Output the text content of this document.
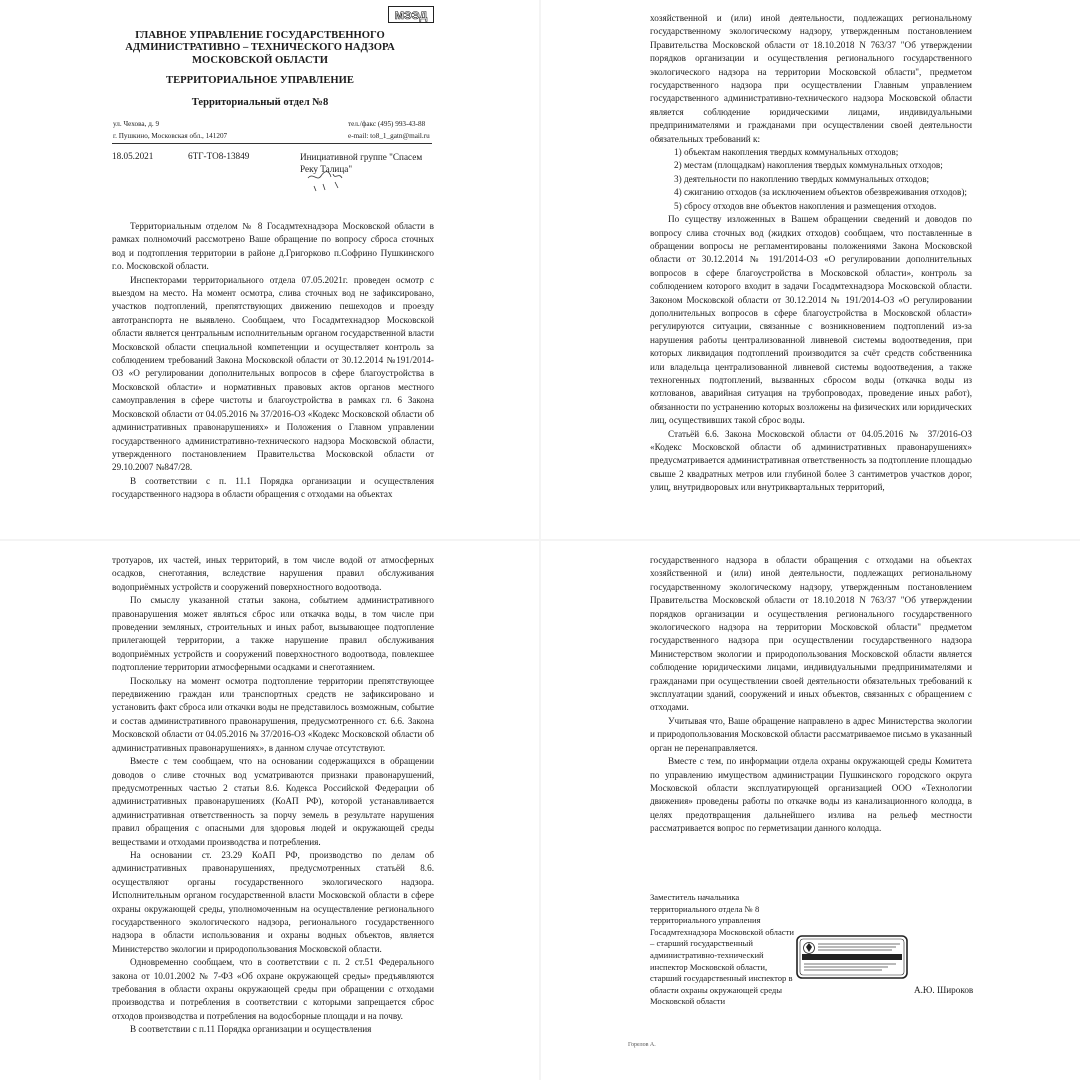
МЭЭД
ГЛАВНОЕ УПРАВЛЕНИЕ ГОСУДАРСТВЕННОГО
АДМИНИСТРАТИВНО – ТЕХНИЧЕСКОГО НАДЗОРА
МОСКОВСКОЙ ОБЛАСТИ
ТЕРРИТОРИАЛЬНОЕ УПРАВЛЕНИЕ
Территориальный отдел №8
ул. Чехова, д. 9
г. Пушкино, Московская обл., 141207
тел./факс (495) 993-43-88
e-mail: to8_1_gatn@mail.ru
18.05.2021	6ТГ-ТО8-13849	Инициативной группе "Спасем Реку Талица"

Территориальным отделом № 8 Госадмтехнадзора Московской области в рамках полномочий рассмотрено Ваше обращение по вопросу сброса сточных вод и подтопления территории в районе д.Григорково п.Софрино Пушкинского г.о. Московской области.

Инспекторами территориального отдела 07.05.2021г. проведен осмотр с выездом на место. На момент осмотра, слива сточных вод не зафиксировано, участков подтоплений, препятствующих движению пешеходов и проезду автотранспорта не выявлено. Сообщаем, что Госадмтехнадзор Московской области является центральным исполнительным органом государственной власти Московской области специальной компетенции и осуществляет контроль за соблюдением требований Закона Московской области от 30.12.2014 №191/2014-ОЗ «О регулировании дополнительных вопросов в сфере благоустройства в Московской области» и нормативных правовых актов органов местного самоуправления в сфере чистоты и благоустройства в рамках гл. 6 Закона Московской области от 04.05.2016 № 37/2016-ОЗ «Кодекс Московской области об административных правонарушениях» и Положения о Главном управлении государственного административно-технического надзора Московской области, утвержденного постановлением Правительства Московской области от 29.10.2007 №847/28.

В соответствии с п. 11.1 Порядка организации и осуществления государственного надзора в области обращения с отходами на объектах

хозяйственной и (или) иной деятельности, подлежащих региональному государственному экологическому надзору, утвержденным постановлением Правительства Московской области от 18.10.2018 N 763/37 "Об утверждении порядков организации и осуществления регионального государственного экологического надзора на территории Московской области", предметом государственного надзора при осуществлении Главным управлением государственного административно-технического надзора Московской области является соблюдение юридическими лицами, индивидуальными предпринимателями и гражданами при осуществлении своей деятельности обязательных требований к:

1) объектам накопления твердых коммунальных отходов;

2) местам (площадкам) накопления твердых коммунальных отходов;

3) деятельности по накоплению твердых коммунальных отходов;

4) сжиганию отходов (за исключением объектов обезвреживания отходов);

5) сбросу отходов вне объектов накопления и размещения отходов.

По существу изложенных в Вашем обращении сведений и доводов по вопросу слива сточных вод (жидких отходов) сообщаем, что поставленные в обращении вопросы не регламентированы положениями Закона Московской области от 30.12.2014 № 191/2014-ОЗ «О регулировании дополнительных вопросов в сфере благоустройства в Московской области», контроль за соблюдением которого входит в задачи Госадмтехнадзора Московской области. Законом Московской области от 30.12.2014 № 191/2014-ОЗ «О регулировании дополнительных вопросов в сфере благоустройства в Московской области» регулируются ситуации, связанные с возникновением подтоплений из-за нарушения работы централизованной ливневой системы водоотведения, при которых ликвидация подтоплений производится за счёт средств собственника или владельца централизованной ливневой системы водоотведения, а также техногенных подтоплений, вызванных сбросом воды (откачка воды из котлованов, аварийная ситуация на трубопроводах, проведение иных работ), обязанности по устранению которых возложены на физических или юридических лиц, осуществивших такой сброс воды.

Статьёй 6.6. Закона Московской области от 04.05.2016 № 37/2016-ОЗ «Кодекс Московской области об административных правонарушениях» предусматривается административная ответственность за подтопление площадью свыше 2 квадратных метров или глубиной более 3 сантиметров участков дорог, улиц, внутридворовых или внутриквартальных территорий,

тротуаров, их частей, иных территорий, в том числе водой от атмосферных осадков, снеготаяния, вследствие нарушения правил обслуживания водоприёмных устройств и сооружений поверхностного водоотвода.

По смыслу указанной статьи закона, событием административного правонарушения может являться сброс или откачка воды, в том числе при проведении земляных, строительных и иных работ, вызывающее подтопление прилегающей территории, а также нарушение правил обслуживания водоприёмных устройств и сооружений поверхностного водоотвода, повлекшее подтопление территории атмосферными осадками и снеготаянием.

Поскольку на момент осмотра подтопление территории препятствующее передвижению граждан или транспортных средств не зафиксировано и установить факт сброса или откачки воды не представилось возможным, событие и состав административного правонарушения, предусмотренного ст. 6.6. Закона Московской области от 04.05.2016 № 37/2016-ОЗ «Кодекс Московской области об административных правонарушениях», в данном случае отсутствуют.

Вместе с тем сообщаем, что на основании содержащихся в обращении доводов о сливе сточных вод усматриваются признаки правонарушений, предусмотренных частью 2 статьи 8.6. Кодекса Российской Федерации об административных правонарушениях (КоАП РФ), которой устанавливается административная ответственность за порчу земель в результате нарушения правил обращения с опасными для здоровья людей и окружающей среды веществами и отходами производства и потребления.

На основании ст. 23.29 КоАП РФ, производство по делам об административных правонарушениях, предусмотренных статьёй 8.6. осуществляют органы государственного экологического надзора. Исполнительным органом государственной власти Московской области в сфере охраны окружающей среды, уполномоченным на осуществление регионального государственного экологического надзора, регионального государственного надзора в области использования и охраны водных объектов, является Министерство экологии и природопользования Московской области.

Одновременно сообщаем, что в соответствии с п. 2 ст.51 Федерального закона от 10.01.2002 № 7-ФЗ «Об охране окружающей среды» предъявляются требования в области охраны окружающей среды при обращении с отходами производства и потребления в соответствии с которыми запрещается сброс отходов производства и потребления на водосборные площади и на почву.

В соответствии с п.11 Порядка организации и осуществления

государственного надзора в области обращения с отходами на объектах хозяйственной и (или) иной деятельности, подлежащих региональному государственному экологическому надзору, утвержденным постановлением Правительства Московской области от 18.10.2018 N 763/37 "Об утверждении порядков организации и осуществления регионального государственного экологического надзора на территории Московской области" предметом государственного надзора при осуществлении государственного надзора Министерством экологии и природопользования Московской области является соблюдение юридическими лицами, индивидуальными предпринимателями и гражданами при осуществлении своей деятельности обязательных требований к эксплуатации зданий, сооружений и иных объектов, связанных с обращением с отходами.

Учитывая что, Ваше обращение направлено в адрес Министерства экологии и природопользования Московской области рассматриваемое письмо в указанный орган не перенаправляется.

Вместе с тем, по информации отдела охраны окружающей среды Комитета по управлению имуществом администрации Пушкинского городского округа Московской области эксплуатирующей организацией ООО «Технологии движения» проведены работы по откачке воды из канализационного колодца, в целях предотвращения дальнейшего излива на рельеф местности рассматривается вопрос по герметизации данного колодца.

Заместитель начальника
территориального отдела № 8
территориального управления
Госадмтехнадзора Московской области
– старший государственный
административно-технический
инспектор Московской области,
старший государственный инспектор в
области охраны окружающей среды
Московской области
А.Ю. Широков
Горелов А.
